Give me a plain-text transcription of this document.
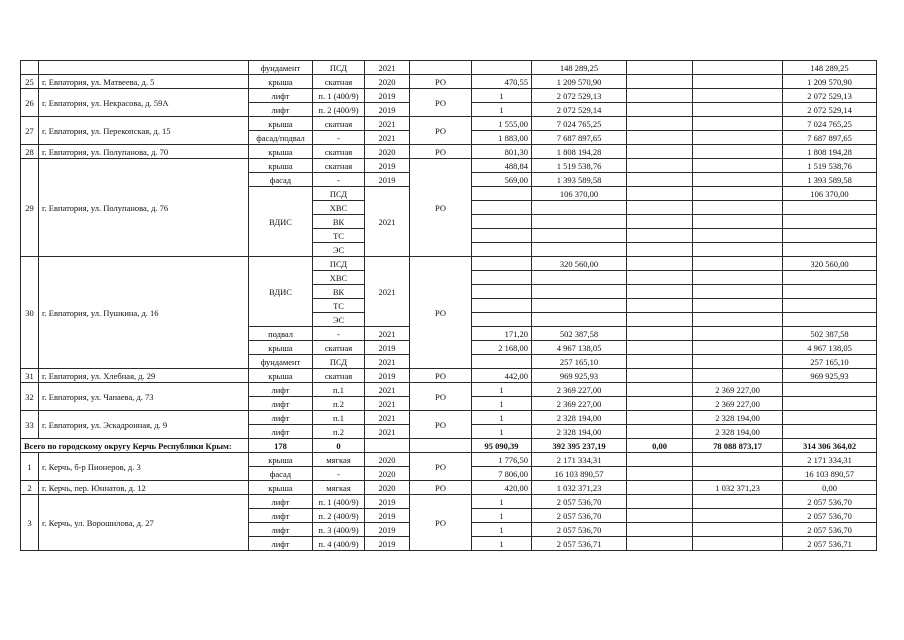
		фундамент	ПСД	2021			148 289,25			148 289,25
25	г. Евпатория, ул. Матвеева, д. 5	крыша	скатная	2020	РО	470,55	1 209 570,90			1 209 570,90
26	г. Евпатория, ул. Некрасова, д. 59А	лифт	п. 1 (400/9)	2019	РО	1	2 072 529,13			2 072 529,13
		лифт	п. 2 (400/9)	2019		1	2 072 529,14			2 072 529,14
27	г. Евпатория, ул. Перекопская, д. 15	крыша	скатная	2021	РО	1 555,00	7 024 765,25			7 024 765,25
		фасад/подвал	-	2021		1 883,00	7 687 897,65			7 687 897,65
28	г. Евпатория, ул. Полупанова, д. 70	крыша	скатная	2020	РО	801,30	1 808 194,28			1 808 194,28
29	г. Евпатория, ул. Полупанова, д. 76	крыша	скатная	2019	РО	488,84	1 519 538,76			1 519 538,76
		фасад	-	2019		569,00	1 393 589,58			1 393 589,58
		ВДИС	ПСД	2021			106 370,00			106 370,00
			ХВС							
			ВК							
			ТС							
			ЭС							
30	г. Евпатория, ул. Пушкина, д. 16	ВДИС	ПСД	2021	РО		320 560,00			320 560,00
			ХВС							
			ВК							
			ТС							
			ЭС							
		подвал	-	2021		171,20	502 387,58			502 387,58
		крыша	скатная	2019		2 168,00	4 967 138,05			4 967 138,05
		фундамент	ПСД	2021			257 165,10			257 165,10
31	г. Евпатория, ул. Хлебная, д. 29	крыша	скатная	2019	РО	442,00	969 925,93			969 925,93
32	г. Евпатория, ул. Чапаева, д. 73	лифт	п.1	2021	РО	1	2 369 227,00		2 369 227,00	
		лифт	п.2	2021		1	2 369 227,00		2 369 227,00	
33	г. Евпатория, ул. Эскадронная, д. 9	лифт	п.1	2021	РО	1	2 328 194,00		2 328 194,00	
		лифт	п.2	2021		1	2 328 194,00		2 328 194,00	
Всего по городскому округу Керчь Республики Крым:		178	0			95 090,39	392 395 237,19	0,00	78 088 873,17	314 306 364,02
1	г. Керчь, б-р Пионеров, д. 3	крыша	мягкая	2020	РО	1 776,50	2 171 334,31			2 171 334,31
		фасад	-	2020		7 806,00	16 103 890,57			16 103 890,57
2	г. Керчь, пер. Юннатов, д. 12	крыша	мягкая	2020	РО	420,00	1 032 371,23		1 032 371,23	0,00
3	г. Керчь, ул. Ворошилова, д. 27	лифт	п. 1 (400/9)	2019	РО	1	2 057 536,70			2 057 536,70
		лифт	п. 2 (400/9)	2019		1	2 057 536,70			2 057 536,70
		лифт	п. 3 (400/9)	2019		1	2 057 536,70			2 057 536,70
		лифт	п. 4 (400/9)	2019		1	2 057 536,71			2 057 536,71
